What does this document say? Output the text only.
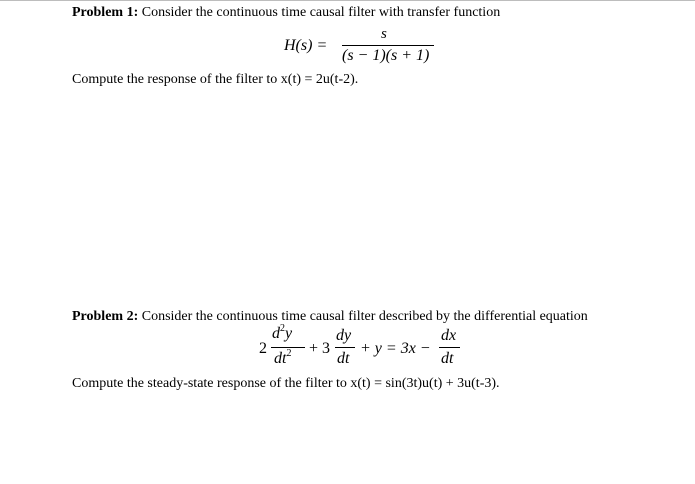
Problem 1: Consider the continuous time causal filter with transfer function
H(s) =
s
(s − 1)(s + 1)
Compute the response of the filter to x(t) = 2u(t-2).
Problem 2: Consider the continuous time causal filter described by the differential equation
2
$d^2y$
$dt^2 + 3$
dy
dt
+ y = 3x −
dx
dt
Compute the steady-state response of the filter to x(t) = sin(3t)u(t) + 3u(t-3).
